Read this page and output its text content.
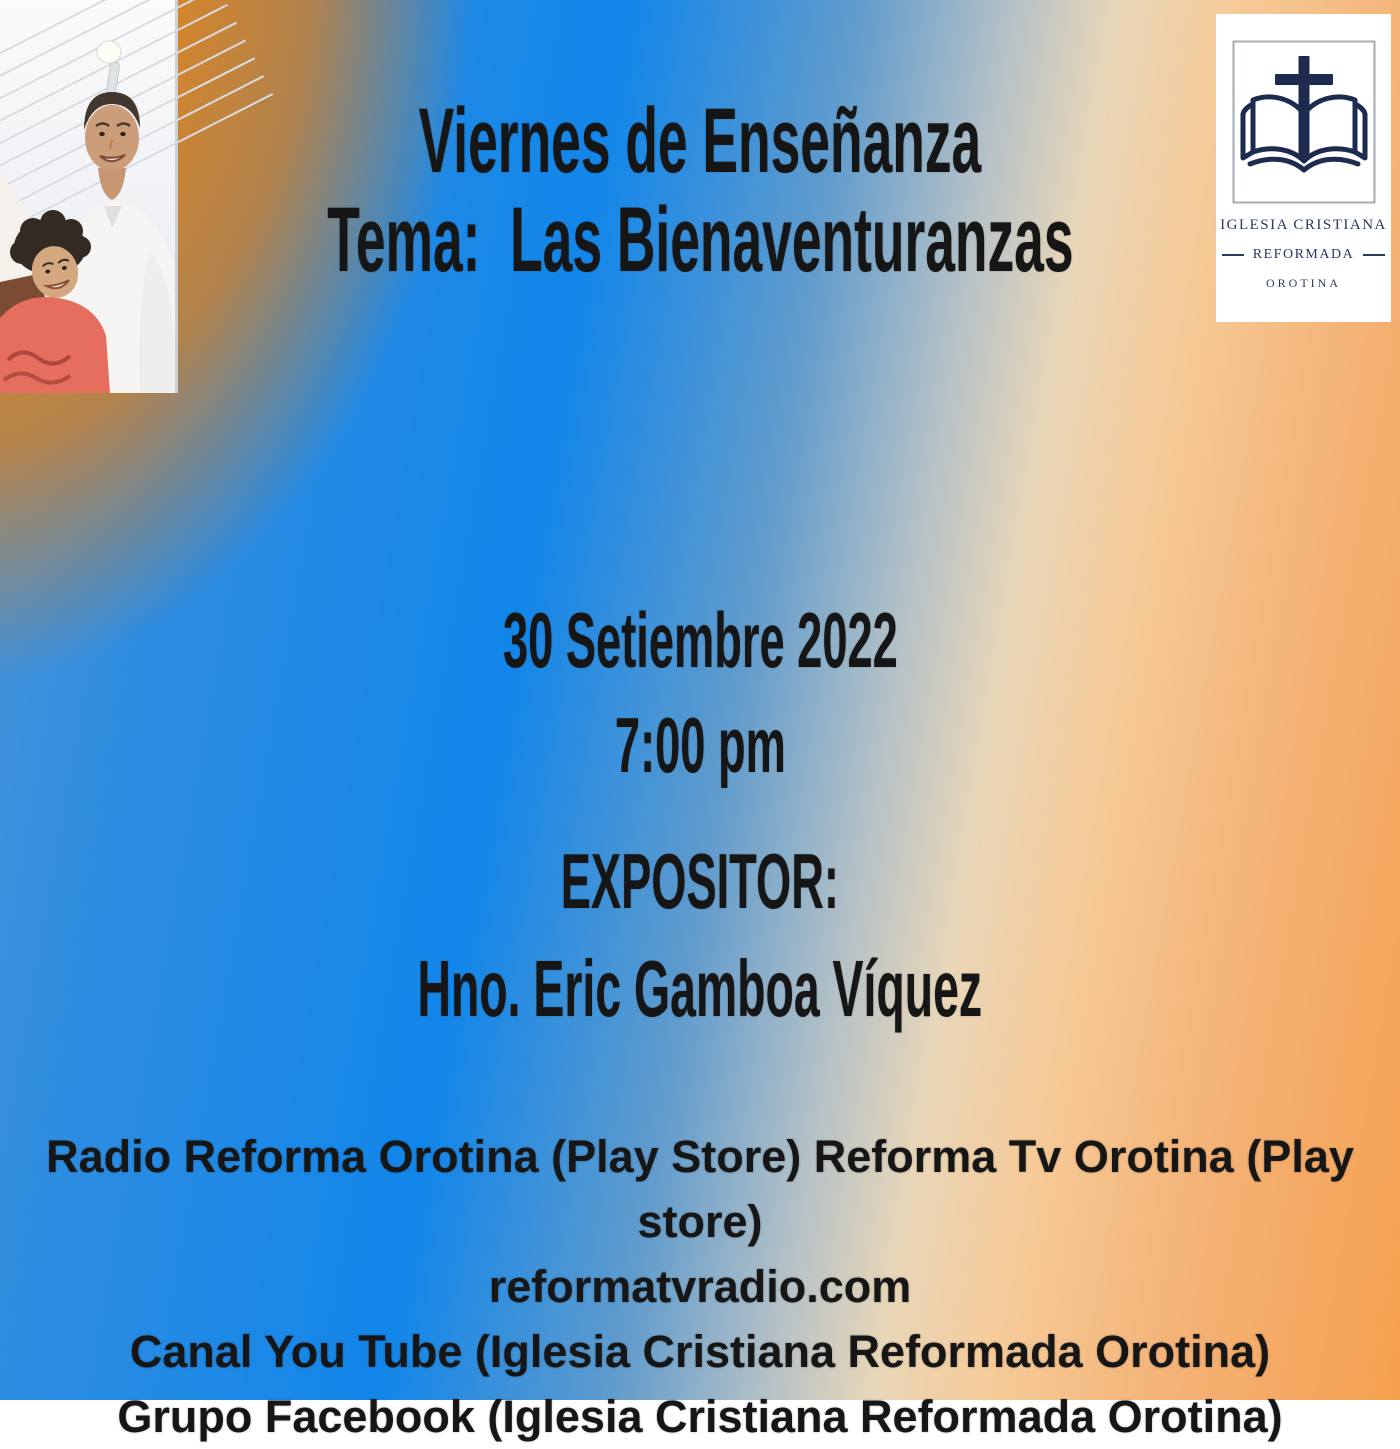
IGLESIA CRISTIANA
REFORMADA
OROTINA
Viernes de Enseñanza
Tema:  Las Bienaventuranzas
30 Setiembre 2022
7:00 pm
EXPOSITOR:
Hno. Eric Gamboa Víquez
Radio Reforma Orotina (Play Store) Reforma Tv Orotina (Play store)
reformatvradio.com
Canal You Tube (Iglesia Cristiana Reformada Orotina)
Grupo Facebook (Iglesia Cristiana Reformada Orotina)
